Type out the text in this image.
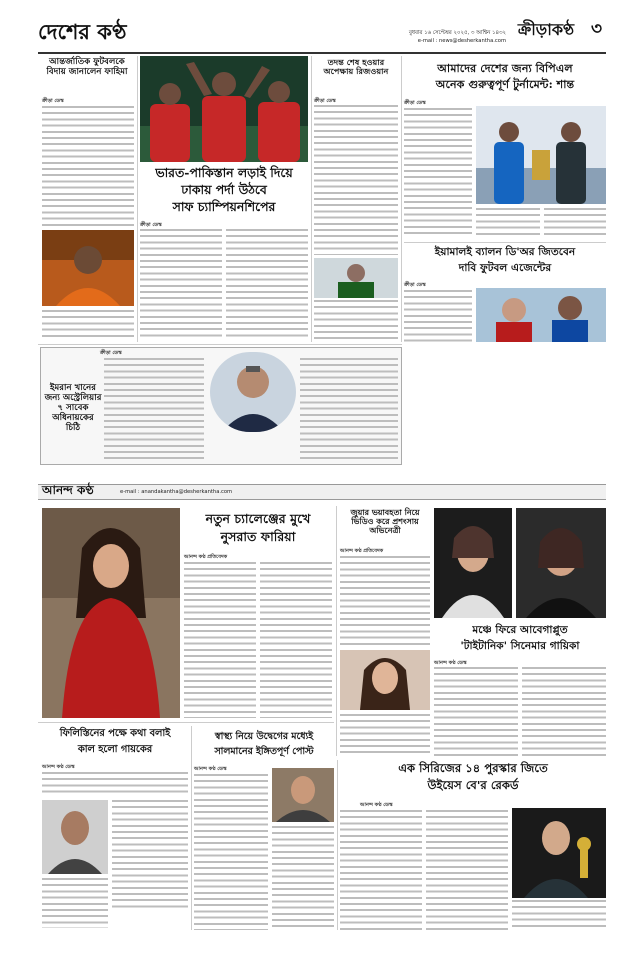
দেশের কণ্ঠ	বুধবার ১৬ সেপ্টেম্বর ২০২৫, ৩ আশ্বিন ১৪৩২
e-mail : news@desherkantha.com
ক্রীড়াকণ্ঠ ৩
আন্তর্জাতিক ফুটবলকে বিদায় জানালেন ফাহিমা
ক্রীড়া ডেস্ক
ভারত-পাকিস্তান লড়াই দিয়ে
ঢাকায় পর্দা উঠবে
সাফ চ্যাম্পিয়নশিপের
ক্রীড়া ডেস্ক
তদন্ত শেষ হওয়ার অপেক্ষায় রিজওয়ান
ক্রীড়া ডেস্ক
আমাদের দেশের জন্য বিপিএল
অনেক গুরুত্বপূর্ণ টুর্নামেন্ট: শান্ত
ক্রীড়া ডেস্ক
ইয়ামালই ব্যালন ডি'অর জিতবেন
দাবি ফুটবল এজেন্টের
ক্রীড়া ডেস্ক
ক্রীড়া ডেস্ক
ইমরান খানের জন্য অস্ট্রেলিয়ার ৭ সাবেক অধিনায়কের চিঠি
আনন্দ কণ্ঠ	e-mail : anandakantha@desherkantha.com
নতুন চ্যালেঞ্জের মুখে
নুসরাত ফারিয়া
আনন্দ কণ্ঠ প্রতিবেদক
জুয়ার ভয়াবহতা নিয়ে ভিডিও করে প্রশংসায় অভিনেত্রী
আনন্দ কণ্ঠ প্রতিবেদক
মঞ্চে ফিরে আবেগাপ্লুত
'টাইটানিক' সিনেমার গায়িকা
আনন্দ কণ্ঠ ডেস্ক
ফিলিস্তিনের পক্ষে কথা বলাই
কাল হলো গায়কের
আনন্দ কণ্ঠ ডেস্ক
স্বাস্থ্য নিয়ে উদ্বেগের মধ্যেই
সালমানের ইঙ্গিতপূর্ণ পোস্ট
আনন্দ কণ্ঠ ডেস্ক	এক সিরিজের ১৪ পুরস্কার জিতে
উইয়েস বে'র রেকর্ড
আনন্দ কণ্ঠ ডেস্ক
